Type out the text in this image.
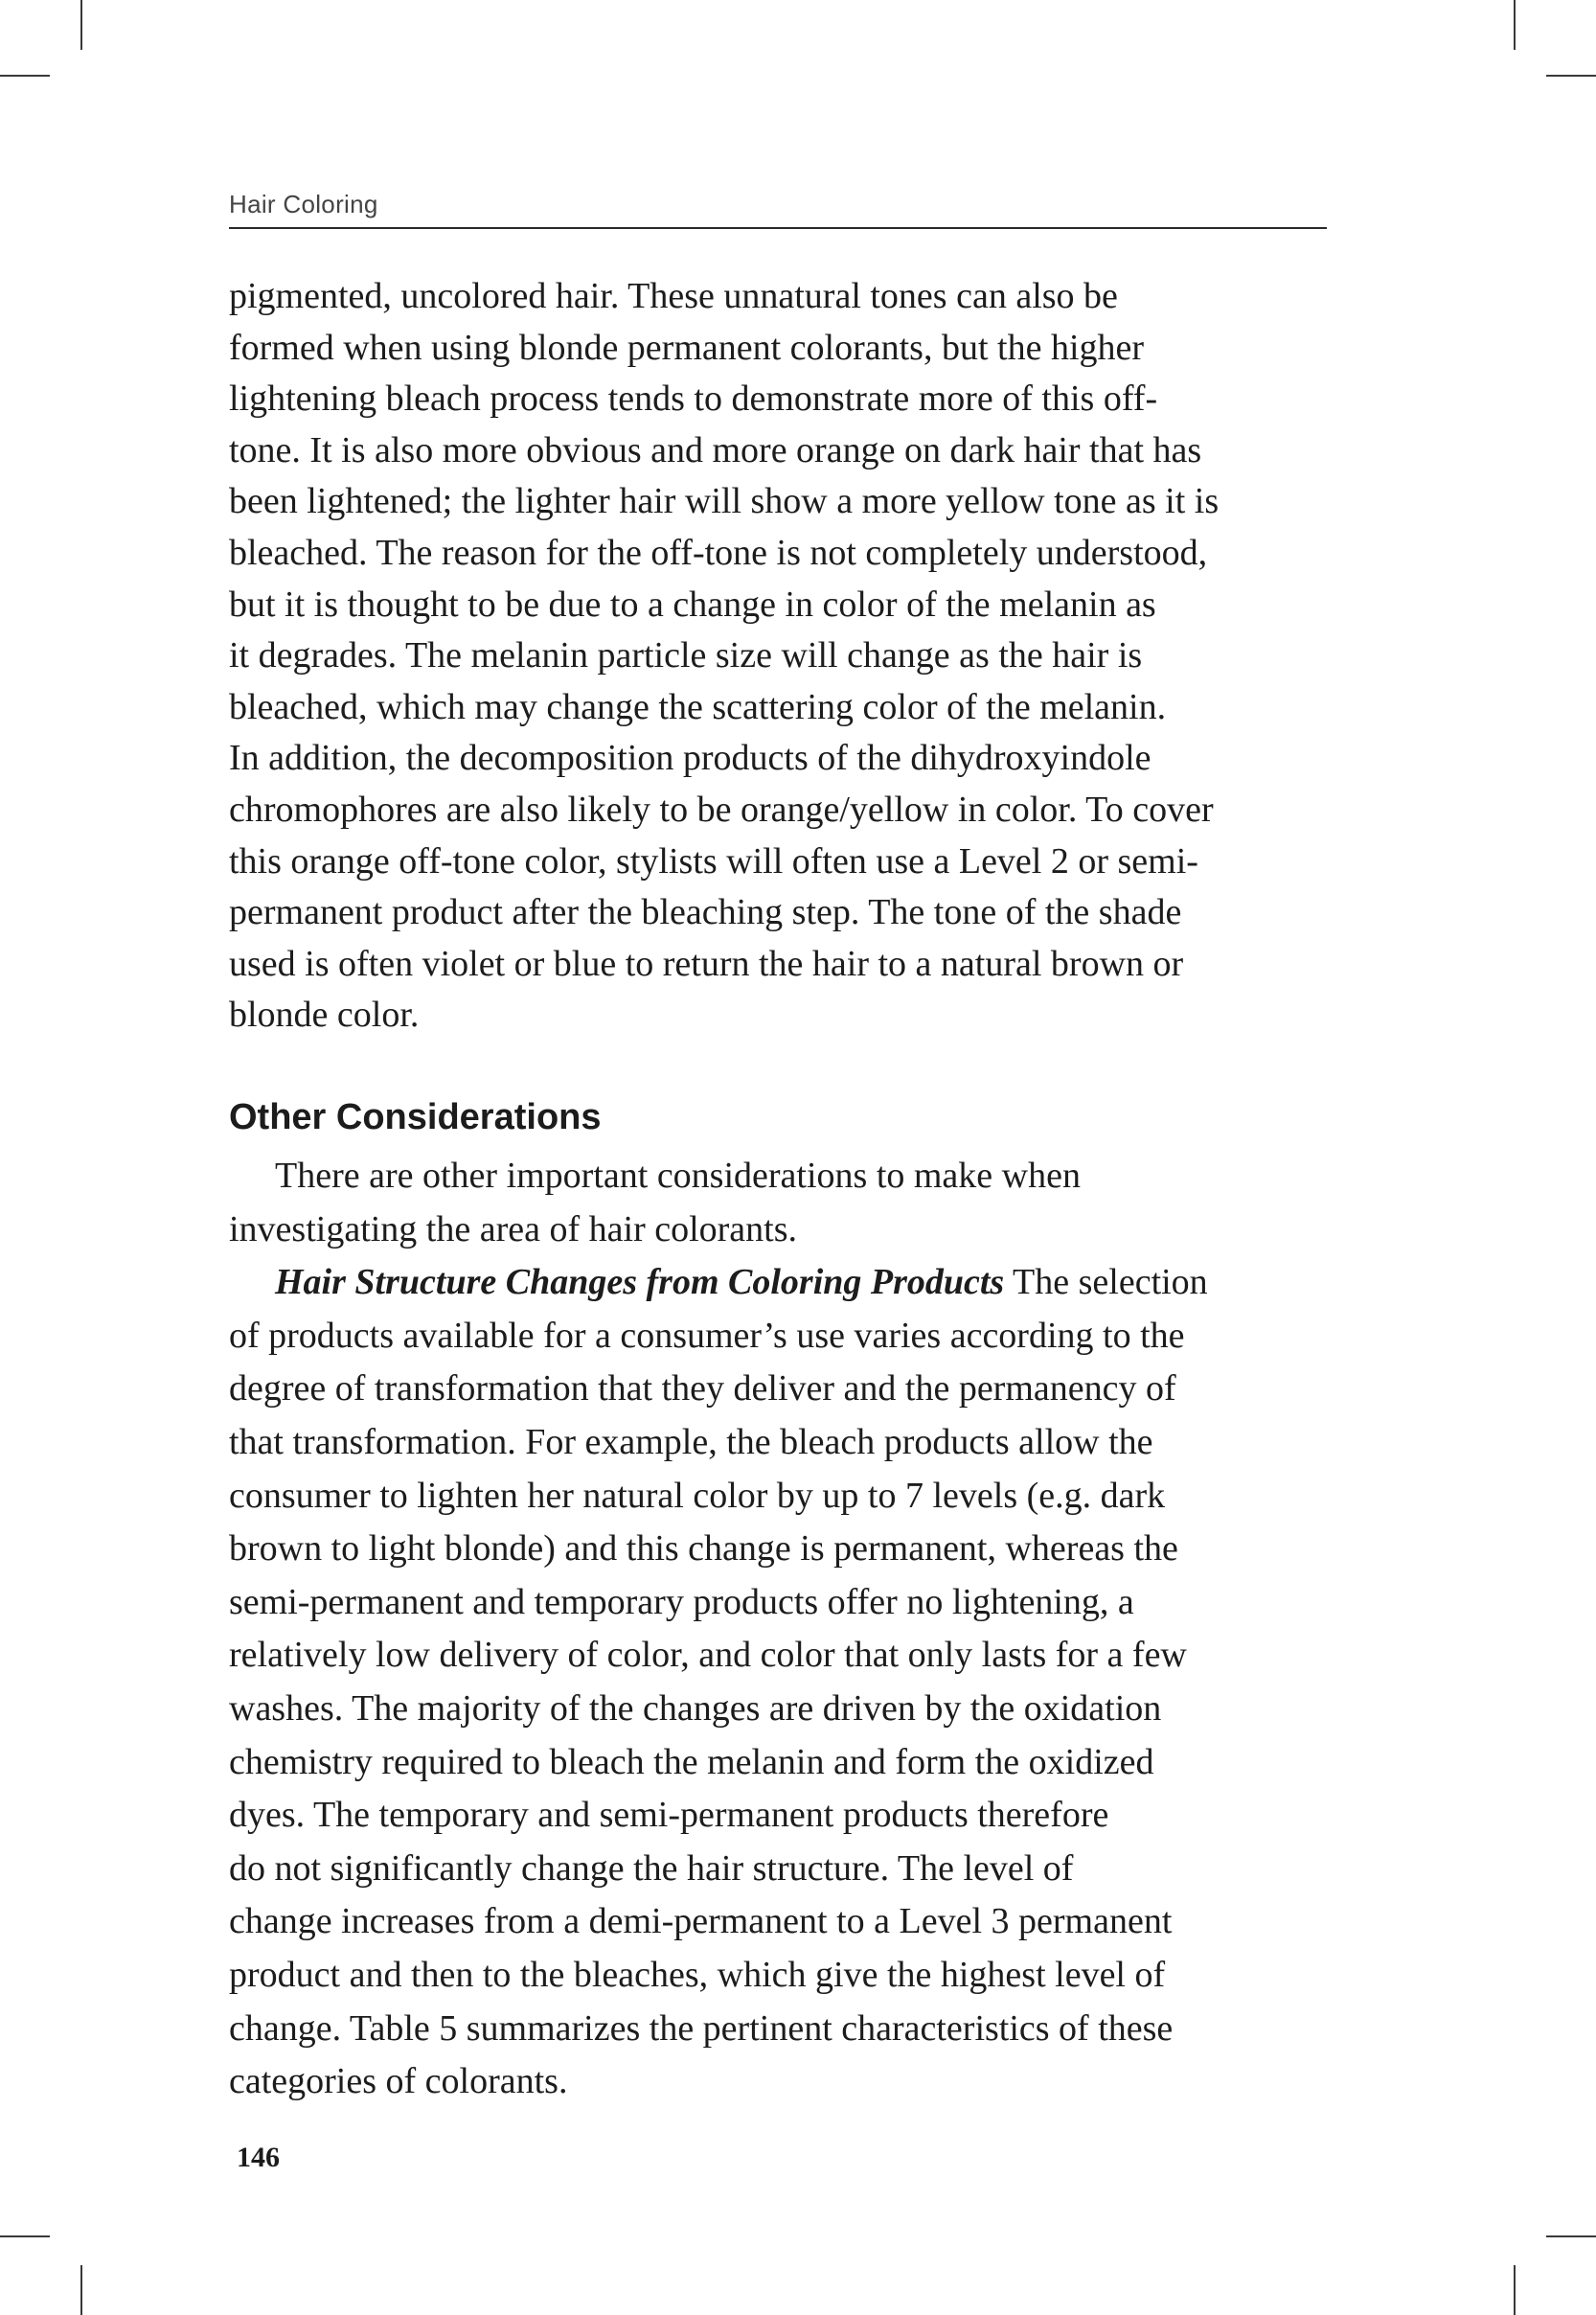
Hair Coloring
pigmented, uncolored hair. These unnatural tones can also be
formed when using blonde permanent colorants, but the higher
lightening bleach process tends to demonstrate more of this off-
tone. It is also more obvious and more orange on dark hair that has
been lightened; the lighter hair will show a more yellow tone as it is
bleached. The reason for the off-tone is not completely understood,
but it is thought to be due to a change in color of the melanin as
it degrades. The melanin particle size will change as the hair is
bleached, which may change the scattering color of the melanin.
In addition, the decomposition products of the dihydroxyindole
chromophores are also likely to be orange/yellow in color. To cover
this orange off-tone color, stylists will often use a Level 2 or semi-
permanent product after the bleaching step. The tone of the shade
used is often violet or blue to return the hair to a natural brown or
blonde color.
Other Considerations
There are other important considerations to make when
investigating the area of hair colorants.
Hair Structure Changes from Coloring Products The selection
of products available for a consumer’s use varies according to the
degree of transformation that they deliver and the permanency of
that transformation. For example, the bleach products allow the
consumer to lighten her natural color by up to 7 levels (e.g. dark
brown to light blonde) and this change is permanent, whereas the
semi-permanent and temporary products offer no lightening, a
relatively low delivery of color, and color that only lasts for a few
washes. The majority of the changes are driven by the oxidation
chemistry required to bleach the melanin and form the oxidized
dyes. The temporary and semi-permanent products therefore
do not significantly change the hair structure. The level of
change increases from a demi-permanent to a Level 3 permanent
product and then to the bleaches, which give the highest level of
change. Table 5 summarizes the pertinent characteristics of these
categories of colorants.
146
